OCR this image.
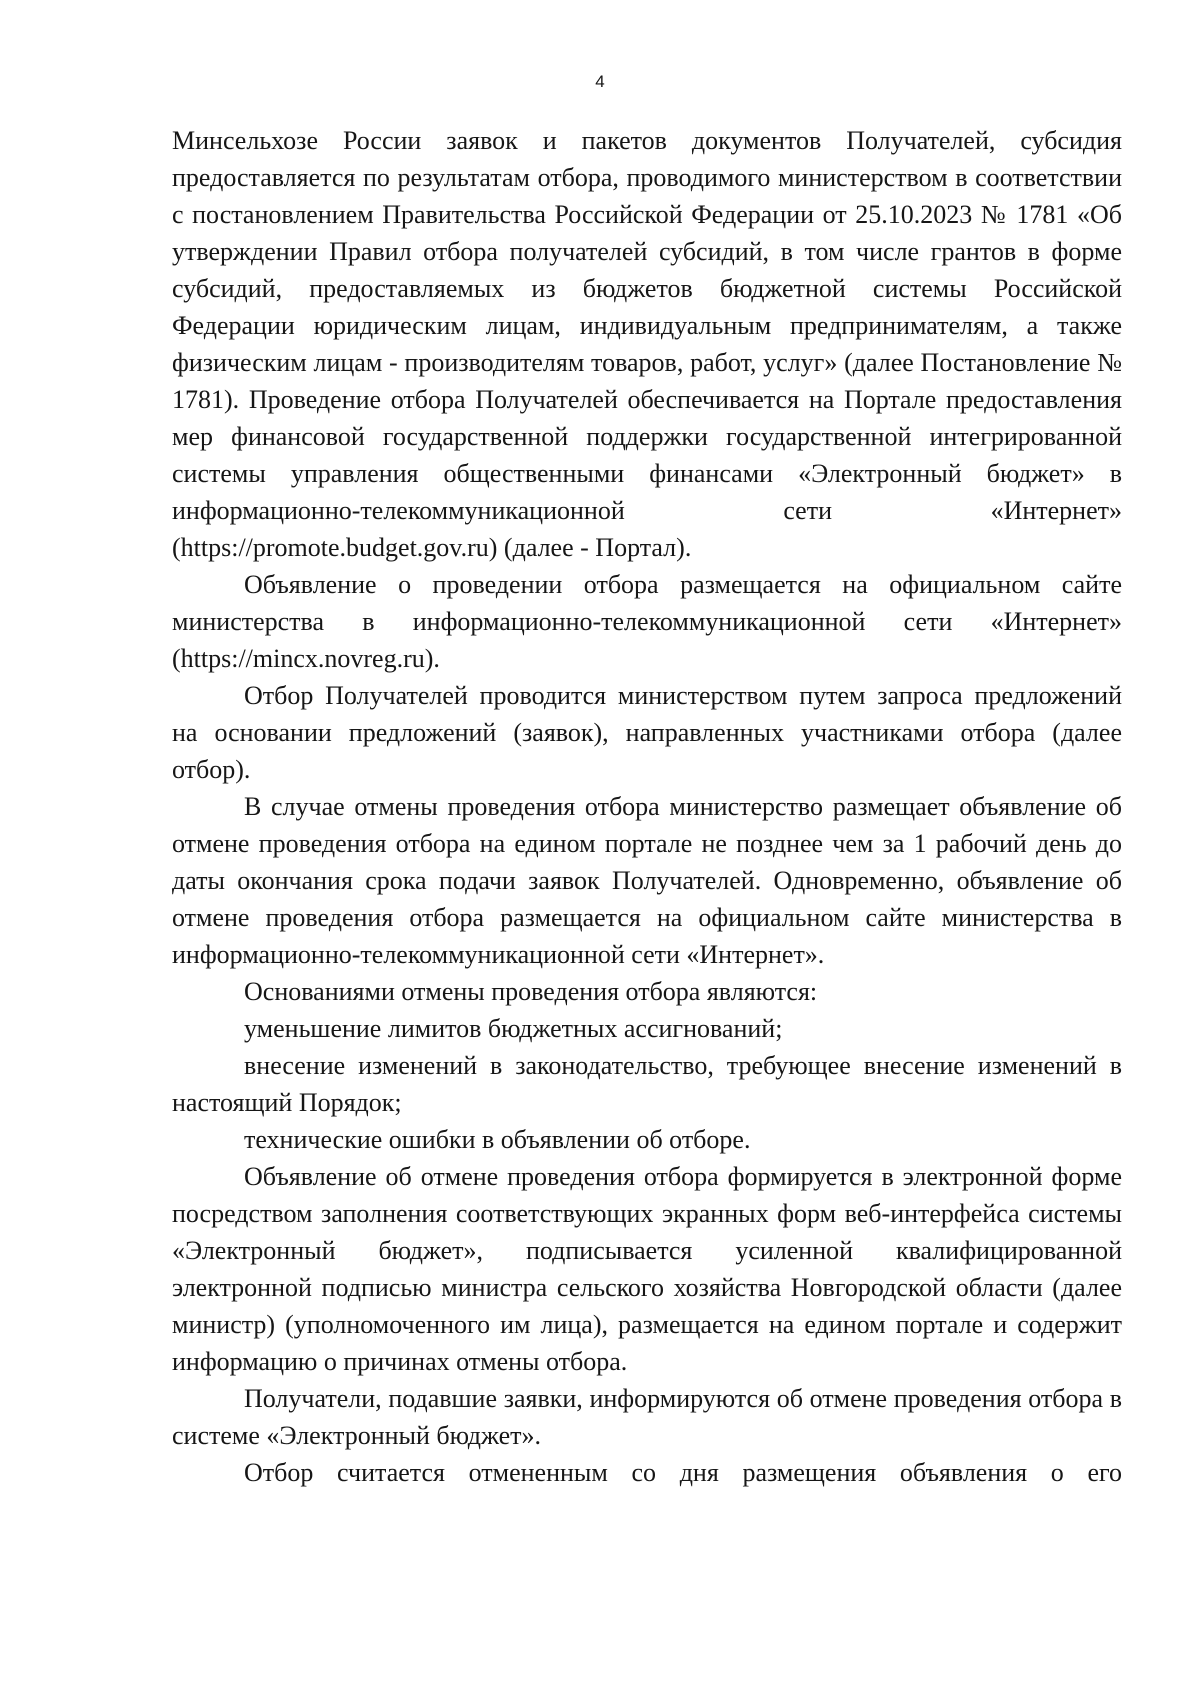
4

Минсельхозе России заявок и пакетов документов Получателей, субсидия предоставляется по результатам отбора, проводимого министерством в соответствии с постановлением Правительства Российской Федерации от 25.10.2023 № 1781 «Об утверждении Правил отбора получателей субсидий, в том числе грантов в форме субсидий, предоставляемых из бюджетов бюджетной системы Российской Федерации юридическим лицам, индивидуальным предпринимателям, а также физическим лицам - производителям товаров, работ, услуг» (далее Постановление № 1781). Проведение отбора Получателей обеспечивается на Портале предоставления мер финансовой государственной поддержки государственной интегрированной системы управления общественными финансами «Электронный бюджет» в информационно-телекоммуникационной сети «Интернет» (https://promote.budget.gov.ru) (далее - Портал).

Объявление о проведении отбора размещается на официальном сайте министерства в информационно-телекоммуникационной сети «Интернет» (https://mincx.novreg.ru).

Отбор Получателей проводится министерством путем запроса предложений на основании предложений (заявок), направленных участниками отбора (далее отбор).

В случае отмены проведения отбора министерство размещает объявление об отмене проведения отбора на едином портале не позднее чем за 1 рабочий день до даты окончания срока подачи заявок Получателей. Одновременно, объявление об отмене проведения отбора размещается на официальном сайте министерства в информационно-телекоммуникационной сети «Интернет».

Основаниями отмены проведения отбора являются:

уменьшение лимитов бюджетных ассигнований;

внесение изменений в законодательство, требующее внесение изменений в настоящий Порядок;

технические ошибки в объявлении об отборе.

Объявление об отмене проведения отбора формируется в электронной форме посредством заполнения соответствующих экранных форм веб-интерфейса системы «Электронный бюджет», подписывается усиленной квалифицированной электронной подписью министра сельского хозяйства Новгородской области (далее министр) (уполномоченного им лица), размещается на едином портале и содержит информацию о причинах отмены отбора.

Получатели, подавшие заявки, информируются об отмене проведения отбора в системе «Электронный бюджет».

Отбор считается отмененным со дня размещения объявления о его
